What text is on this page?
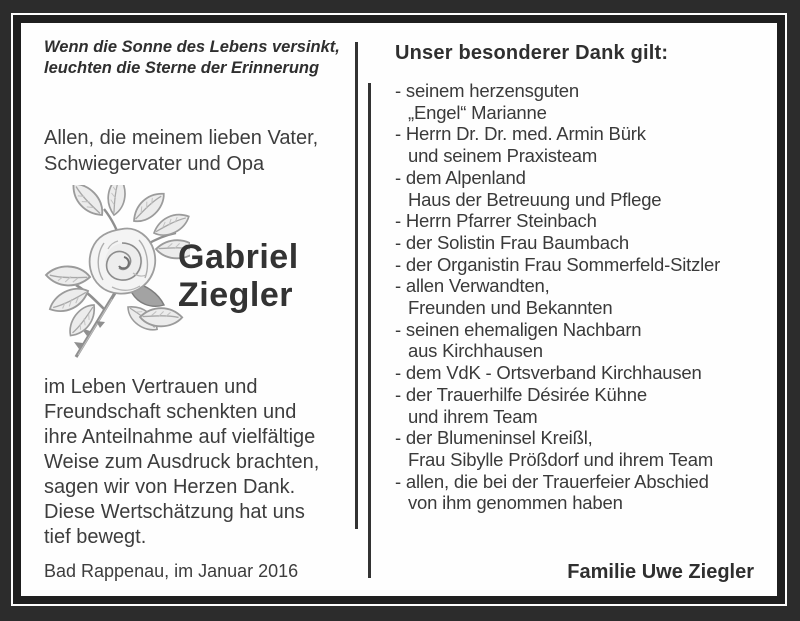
Wenn die Sonne des Lebens versinkt,
leuchten die Sterne der Erinnerung
Allen, die meinem lieben Vater,
Schwiegervater und Opa
Gabriel
Ziegler
im Leben Vertrauen und
Freundschaft schenkten und
ihre Anteilnahme auf vielfältige
Weise zum Ausdruck brachten,
sagen wir von Herzen Dank.
Diese Wertschätzung hat uns
tief bewegt.
Bad Rappenau, im Januar 2016
Unser besonderer Dank gilt:
- seinem herzensguten
„Engel“ Marianne
- Herrn Dr. Dr. med. Armin Bürk
und seinem Praxisteam
- dem Alpenland
Haus der Betreuung und Pflege
- Herrn Pfarrer Steinbach
- der Solistin Frau Baumbach
- der Organistin Frau Sommerfeld-Sitzler
- allen Verwandten,
Freunden und Bekannten
- seinen ehemaligen Nachbarn
aus Kirchhausen
- dem VdK - Ortsverband Kirchhausen
- der Trauerhilfe Désirée Kühne
und ihrem Team
- der Blumeninsel Kreißl,
Frau Sibylle Prößdorf und ihrem Team
- allen, die bei der Trauerfeier Abschied
von ihm genommen haben
Familie Uwe Ziegler
